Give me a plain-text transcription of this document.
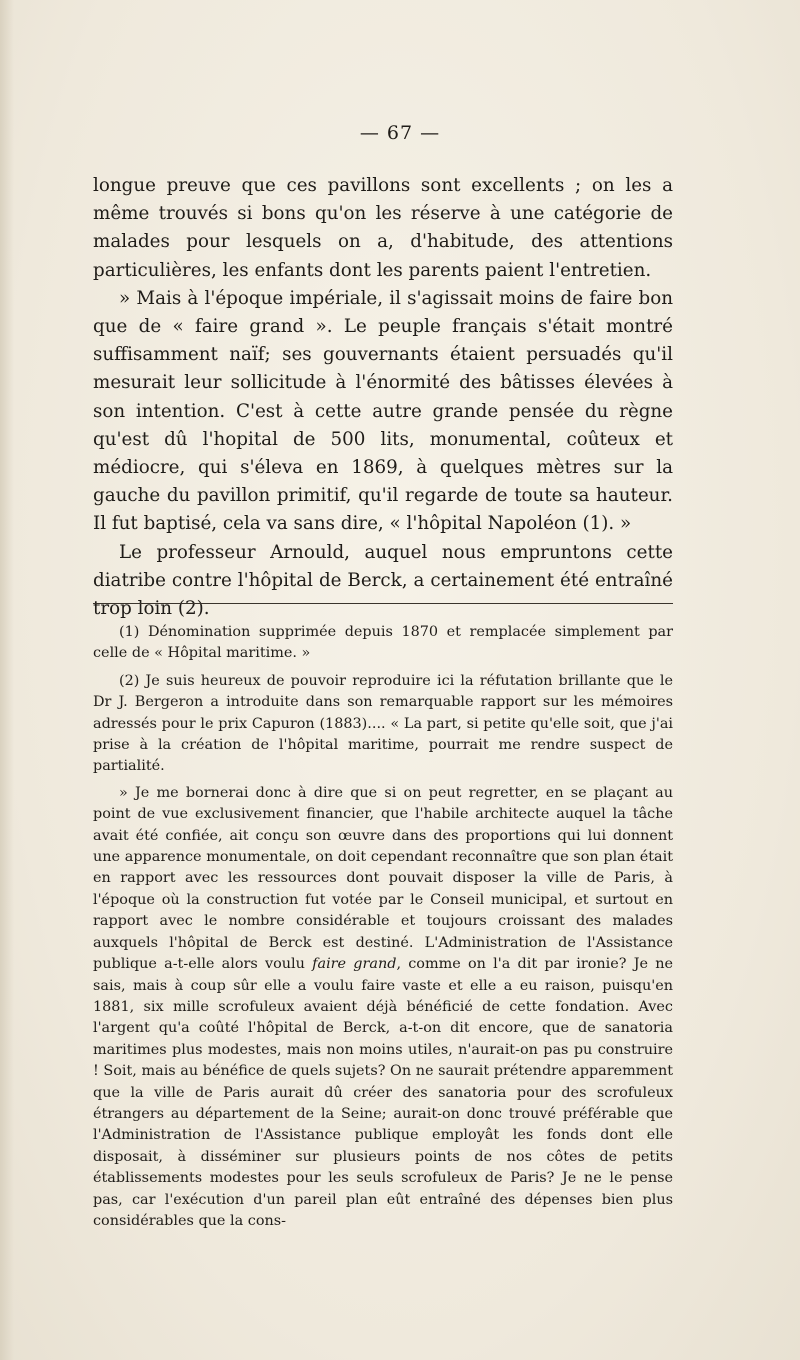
— 67 —

longue preuve que ces pavillons sont excellents ; on les a même trouvés si bons qu'on les réserve à une catégorie de malades pour lesquels on a, d'habitude, des attentions particulières, les enfants dont les parents paient l'entretien.

» Mais à l'époque impériale, il s'agissait moins de faire bon que de « faire grand ». Le peuple français s'était montré suffisamment naïf; ses gouvernants étaient persuadés qu'il mesurait leur sollicitude à l'énormité des bâtisses élevées à son intention. C'est à cette autre grande pensée du règne qu'est dû l'hopital de 500 lits, monumental, coûteux et médiocre, qui s'éleva en 1869, à quelques mètres sur la gauche du pavillon primitif, qu'il regarde de toute sa hauteur. Il fut baptisé, cela va sans dire, « l'hôpital Napoléon (1). »

Le professeur Arnould, auquel nous empruntons cette diatribe contre l'hôpital de Berck, a certainement été entraîné trop loin (2).

(1) Dénomination supprimée depuis 1870 et remplacée simplement par celle de « Hôpital maritime. »

(2) Je suis heureux de pouvoir reproduire ici la réfutation brillante que le Dr J. Bergeron a introduite dans son remarquable rapport sur les mémoires adressés pour le prix Capuron (1883).... « La part, si petite qu'elle soit, que j'ai prise à la création de l'hôpital maritime, pourrait me rendre suspect de partialité.

» Je me bornerai donc à dire que si on peut regretter, en se plaçant au point de vue exclusivement financier, que l'habile architecte auquel la tâche avait été confiée, ait conçu son œuvre dans des proportions qui lui donnent une apparence monumentale, on doit cependant reconnaître que son plan était en rapport avec les ressources dont pouvait disposer la ville de Paris, à l'époque où la construction fut votée par le Conseil municipal, et surtout en rapport avec le nombre considérable et toujours croissant des malades auxquels l'hôpital de Berck est destiné. L'Administration de l'Assistance publique a-t-elle alors voulu faire grand, comme on l'a dit par ironie? Je ne sais, mais à coup sûr elle a voulu faire vaste et elle a eu raison, puisqu'en 1881, six mille scrofuleux avaient déjà bénéficié de cette fondation. Avec l'argent qu'a coûté l'hôpital de Berck, a-t-on dit encore, que de sanatoria maritimes plus modestes, mais non moins utiles, n'aurait-on pas pu construire ! Soit, mais au bénéfice de quels sujets? On ne saurait prétendre apparemment que la ville de Paris aurait dû créer des sanatoria pour des scrofuleux étrangers au département de la Seine; aurait-on donc trouvé préférable que l'Administration de l'Assistance publique employât les fonds dont elle disposait, à disséminer sur plusieurs points de nos côtes de petits établissements modestes pour les seuls scrofuleux de Paris? Je ne le pense pas, car l'exécution d'un pareil plan eût entraîné des dépenses bien plus considérables que la cons-
